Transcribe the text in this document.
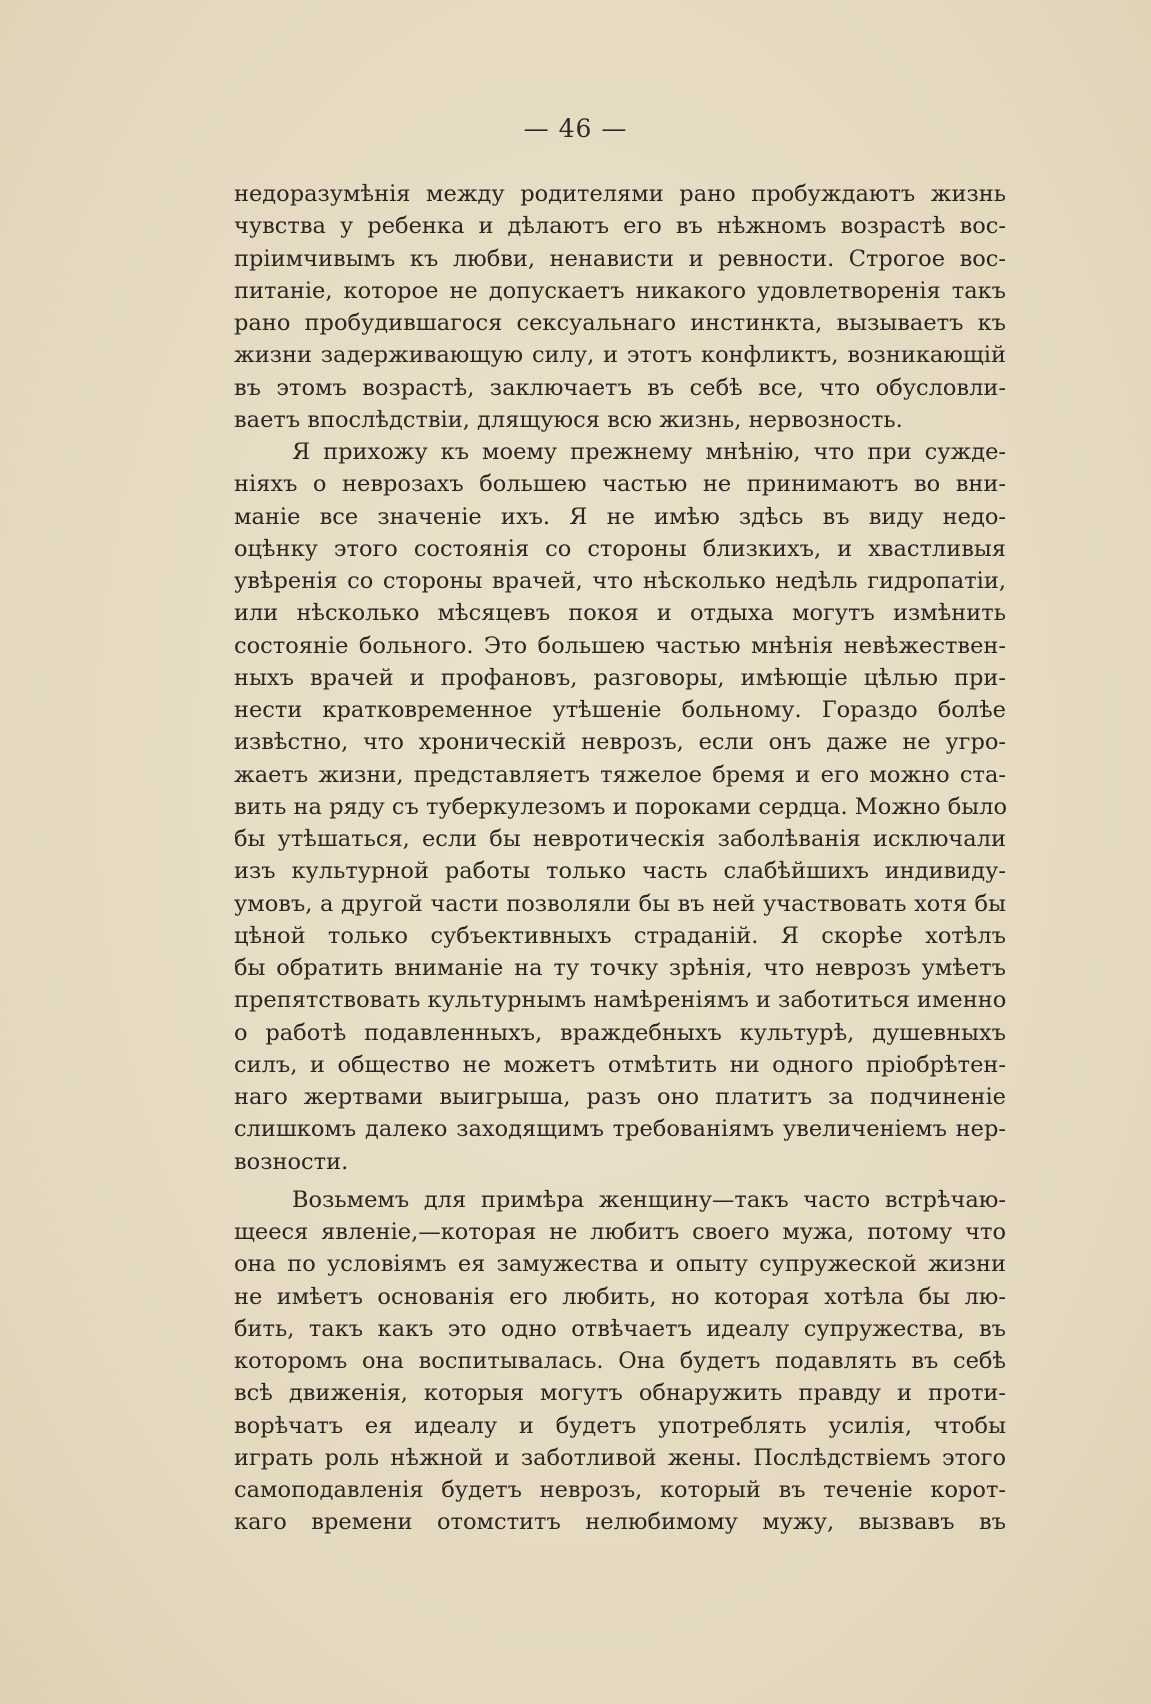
— 46 —
недоразумѣнія между родителями рано пробуждаютъ жизнь
чувства у ребенка и дѣлаютъ его въ нѣжномъ возрастѣ вос-
пріимчивымъ къ любви, ненависти и ревности. Строгое вос-
питаніе, которое не допускаетъ никакого удовлетворенія такъ
рано пробудившагося сексуальнаго инстинкта, вызываетъ къ
жизни задерживающую силу, и этотъ конфликтъ, возникающій
въ этомъ возрастѣ, заключаетъ въ себѣ все, что обусловли-
ваетъ впослѣдствіи, длящуюся всю жизнь, нервозность.
Я прихожу къ моему прежнему мнѣнію, что при сужде-
ніяхъ о неврозахъ большею частью не принимаютъ во вни-
маніе все значеніе ихъ. Я не имѣю здѣсь въ виду недо-
оцѣнку этого состоянія со стороны близкихъ, и хвастливыя
увѣренія со стороны врачей, что нѣсколько недѣль гидропатіи,
или нѣсколько мѣсяцевъ покоя и отдыха могутъ измѣнить
состояніе больного. Это большею частью мнѣнія невѣжествен-
ныхъ врачей и профановъ, разговоры, имѣющіе цѣлью при-
нести кратковременное утѣшеніе больному. Гораздо болѣе
извѣстно, что хроническій неврозъ, если онъ даже не угро-
жаетъ жизни, представляетъ тяжелое бремя и его можно ста-
вить на ряду съ туберкулезомъ и пороками сердца. Можно было
бы утѣшаться, если бы невротическія заболѣванія исключали
изъ культурной работы только часть слабѣйшихъ индивиду-
умовъ, а другой части позволяли бы въ ней участвовать хотя бы
цѣной только субъективныхъ страданій. Я скорѣе хотѣлъ
бы обратить вниманіе на ту точку зрѣнія, что неврозъ умѣетъ
препятствовать культурнымъ намѣреніямъ и заботиться именно
о работѣ подавленныхъ, враждебныхъ культурѣ, душевныхъ
силъ, и общество не можетъ отмѣтить ни одного пріобрѣтен-
наго жертвами выигрыша, разъ оно платитъ за подчиненіе
слишкомъ далеко заходящимъ требованіямъ увеличеніемъ нер-
возности.
Возьмемъ для примѣра женщину—такъ часто встрѣчаю-
щееся явленіе,—которая не любитъ своего мужа, потому что
она по условіямъ ея замужества и опыту супружеской жизни
не имѣетъ основанія его любить, но которая хотѣла бы лю-
бить, такъ какъ это одно отвѣчаетъ идеалу супружества, въ
которомъ она воспитывалась. Она будетъ подавлять въ себѣ
всѣ движенія, которыя могутъ обнаружить правду и проти-
ворѣчатъ ея идеалу и будетъ употреблять усилія, чтобы
играть роль нѣжной и заботливой жены. Послѣдствіемъ этого
самоподавленія будетъ неврозъ, который въ теченіе корот-
каго времени отомститъ нелюбимому мужу, вызвавъ въ
